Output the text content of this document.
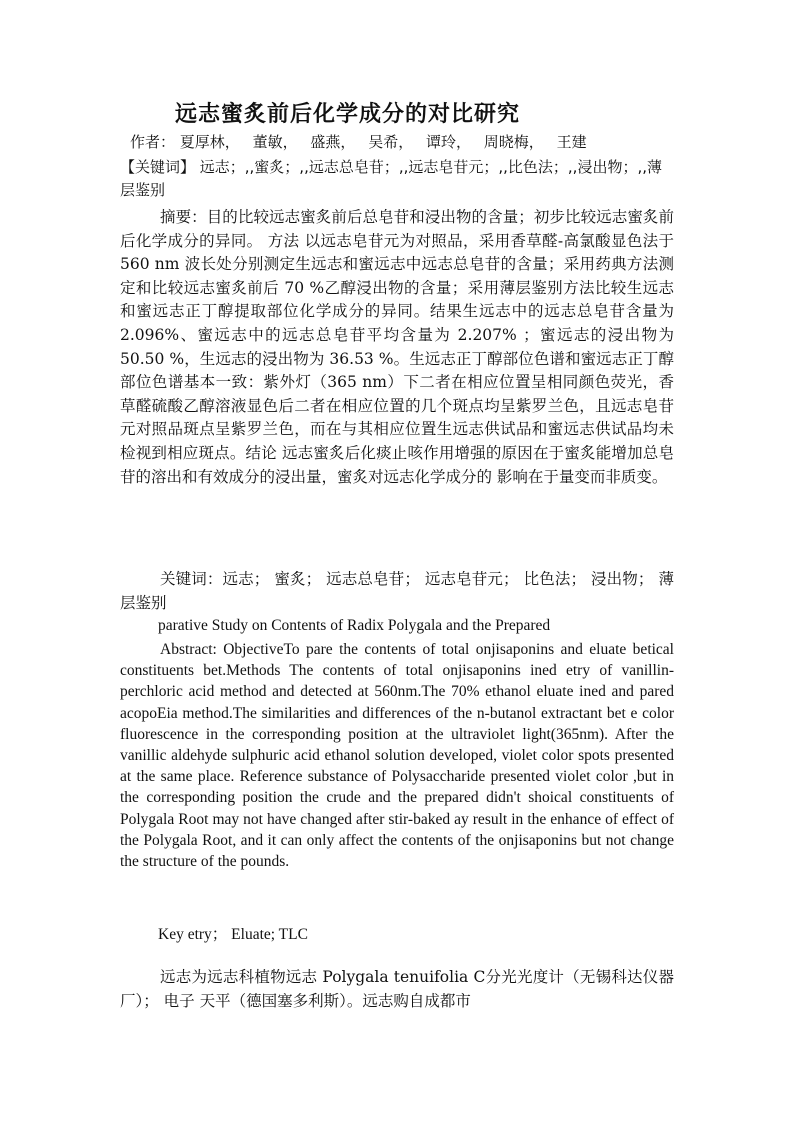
远志蜜炙前后化学成分的对比研究
作者： 夏厚林， 董敏， 盛燕， 吴希， 谭玲， 周晓梅， 王建
【关键词】 远志；,,蜜炙；,,远志总皂苷；,,远志皂苷元；,,比色法；,,浸出物；,,薄层鉴别
摘要：目的比较远志蜜炙前后总皂苷和浸出物的含量；初步比较远志蜜炙前后化学成分的异同。 方法 以远志皂苷元为对照品，采用香草醛-高氯酸显色法于 560 nm 波长处分别测定生远志和蜜远志中远志总皂苷的含量；采用药典方法测定和比较远志蜜炙前后 70 %乙醇浸出物的含量；采用薄层鉴别方法比较生远志和蜜远志正丁醇提取部位化学成分的异同。结果生远志中的远志总皂苷含量为 2.096%、蜜远志中的远志总皂苷平均含量为 2.207% ；蜜远志的浸出物为 50.50 %，生远志的浸出物为 36.53 %。生远志正丁醇部位色谱和蜜远志正丁醇部位色谱基本一致：紫外灯（365 nm）下二者在相应位置呈相同颜色荧光，香草醛硫酸乙醇溶液显色后二者在相应位置的几个斑点均呈紫罗兰色，且远志皂苷元对照品斑点呈紫罗兰色，而在与其相应位置生远志供试品和蜜远志供试品均未检视到相应斑点。结论 远志蜜炙后化痰止咳作用增强的原因在于蜜炙能增加总皂苷的溶出和有效成分的浸出量，蜜炙对远志化学成分的 影响在于量变而非质变。
关键词：远志； 蜜炙； 远志总皂苷； 远志皂苷元； 比色法； 浸出物； 薄层鉴别
parative Study on Contents of Radix Polygala and the Prepared
Abstract: ObjectiveTo pare the contents of total onjisaponins and eluate betical constituents bet.Methods The contents of total onjisaponins ined etry of vanillin-perchloric acid method and detected at 560nm.The 70% ethanol eluate ined and pared acopoEia method.The similarities and differences of the n-butanol extractant bet e color fluorescence in the corresponding position at the ultraviolet light(365nm). After the vanillic aldehyde sulphuric acid ethanol solution developed, violet color spots presented at the same place. Reference substance of Polysaccharide presented violet color ,but in the corresponding position the crude and the prepared didn't shoical constituents of Polygala Root may not have changed after stir-baked ay result in the enhance of effect of the Polygala Root, and it can only affect the contents of the onjisaponins but not change the structure of the pounds.
Key etry； Eluate; TLC
远志为远志科植物远志 Polygala tenuifolia C分光光度计（无锡科达仪器厂）； 电子 天平（德国塞多利斯）。远志购自成都市
